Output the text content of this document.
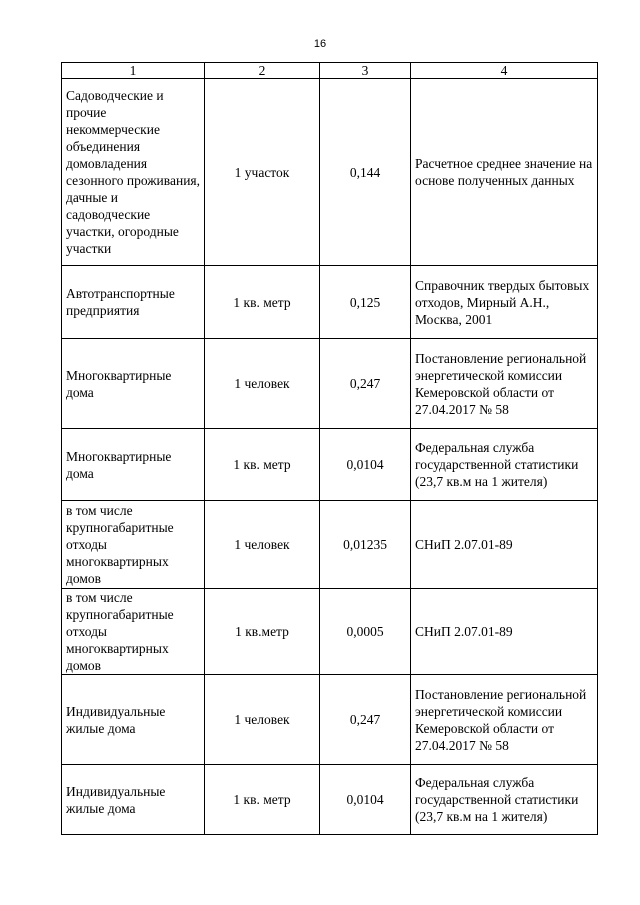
16
1	2	3	4
Садоводческие и прочие некоммерческие объединения домовладения сезонного проживания, дачные и садоводческие участки, огородные участки	1 участок	0,144	Расчетное среднее значение на основе полученных данных
Автотранспортные предприятия	1 кв. метр	0,125	Справочник твердых бытовых отходов, Мирный А.Н., Москва, 2001
Многоквартирные дома	1 человек	0,247	Постановление региональной энергетической комиссии Кемеровской области от 27.04.2017 № 58
Многоквартирные дома	1 кв. метр	0,0104	Федеральная служба государственной статистики (23,7 кв.м на 1 жителя)
в том числе крупногабаритные отходы многоквартирных домов	1 человек	0,01235	СНиП 2.07.01-89
в том числе крупногабаритные отходы многоквартирных домов	1 кв.метр	0,0005	СНиП 2.07.01-89
Индивидуальные жилые дома	1 человек	0,247	Постановление региональной энергетической комиссии Кемеровской области от 27.04.2017 № 58
Индивидуальные жилые дома	1 кв. метр	0,0104	Федеральная служба государственной статистики (23,7 кв.м на 1 жителя)
